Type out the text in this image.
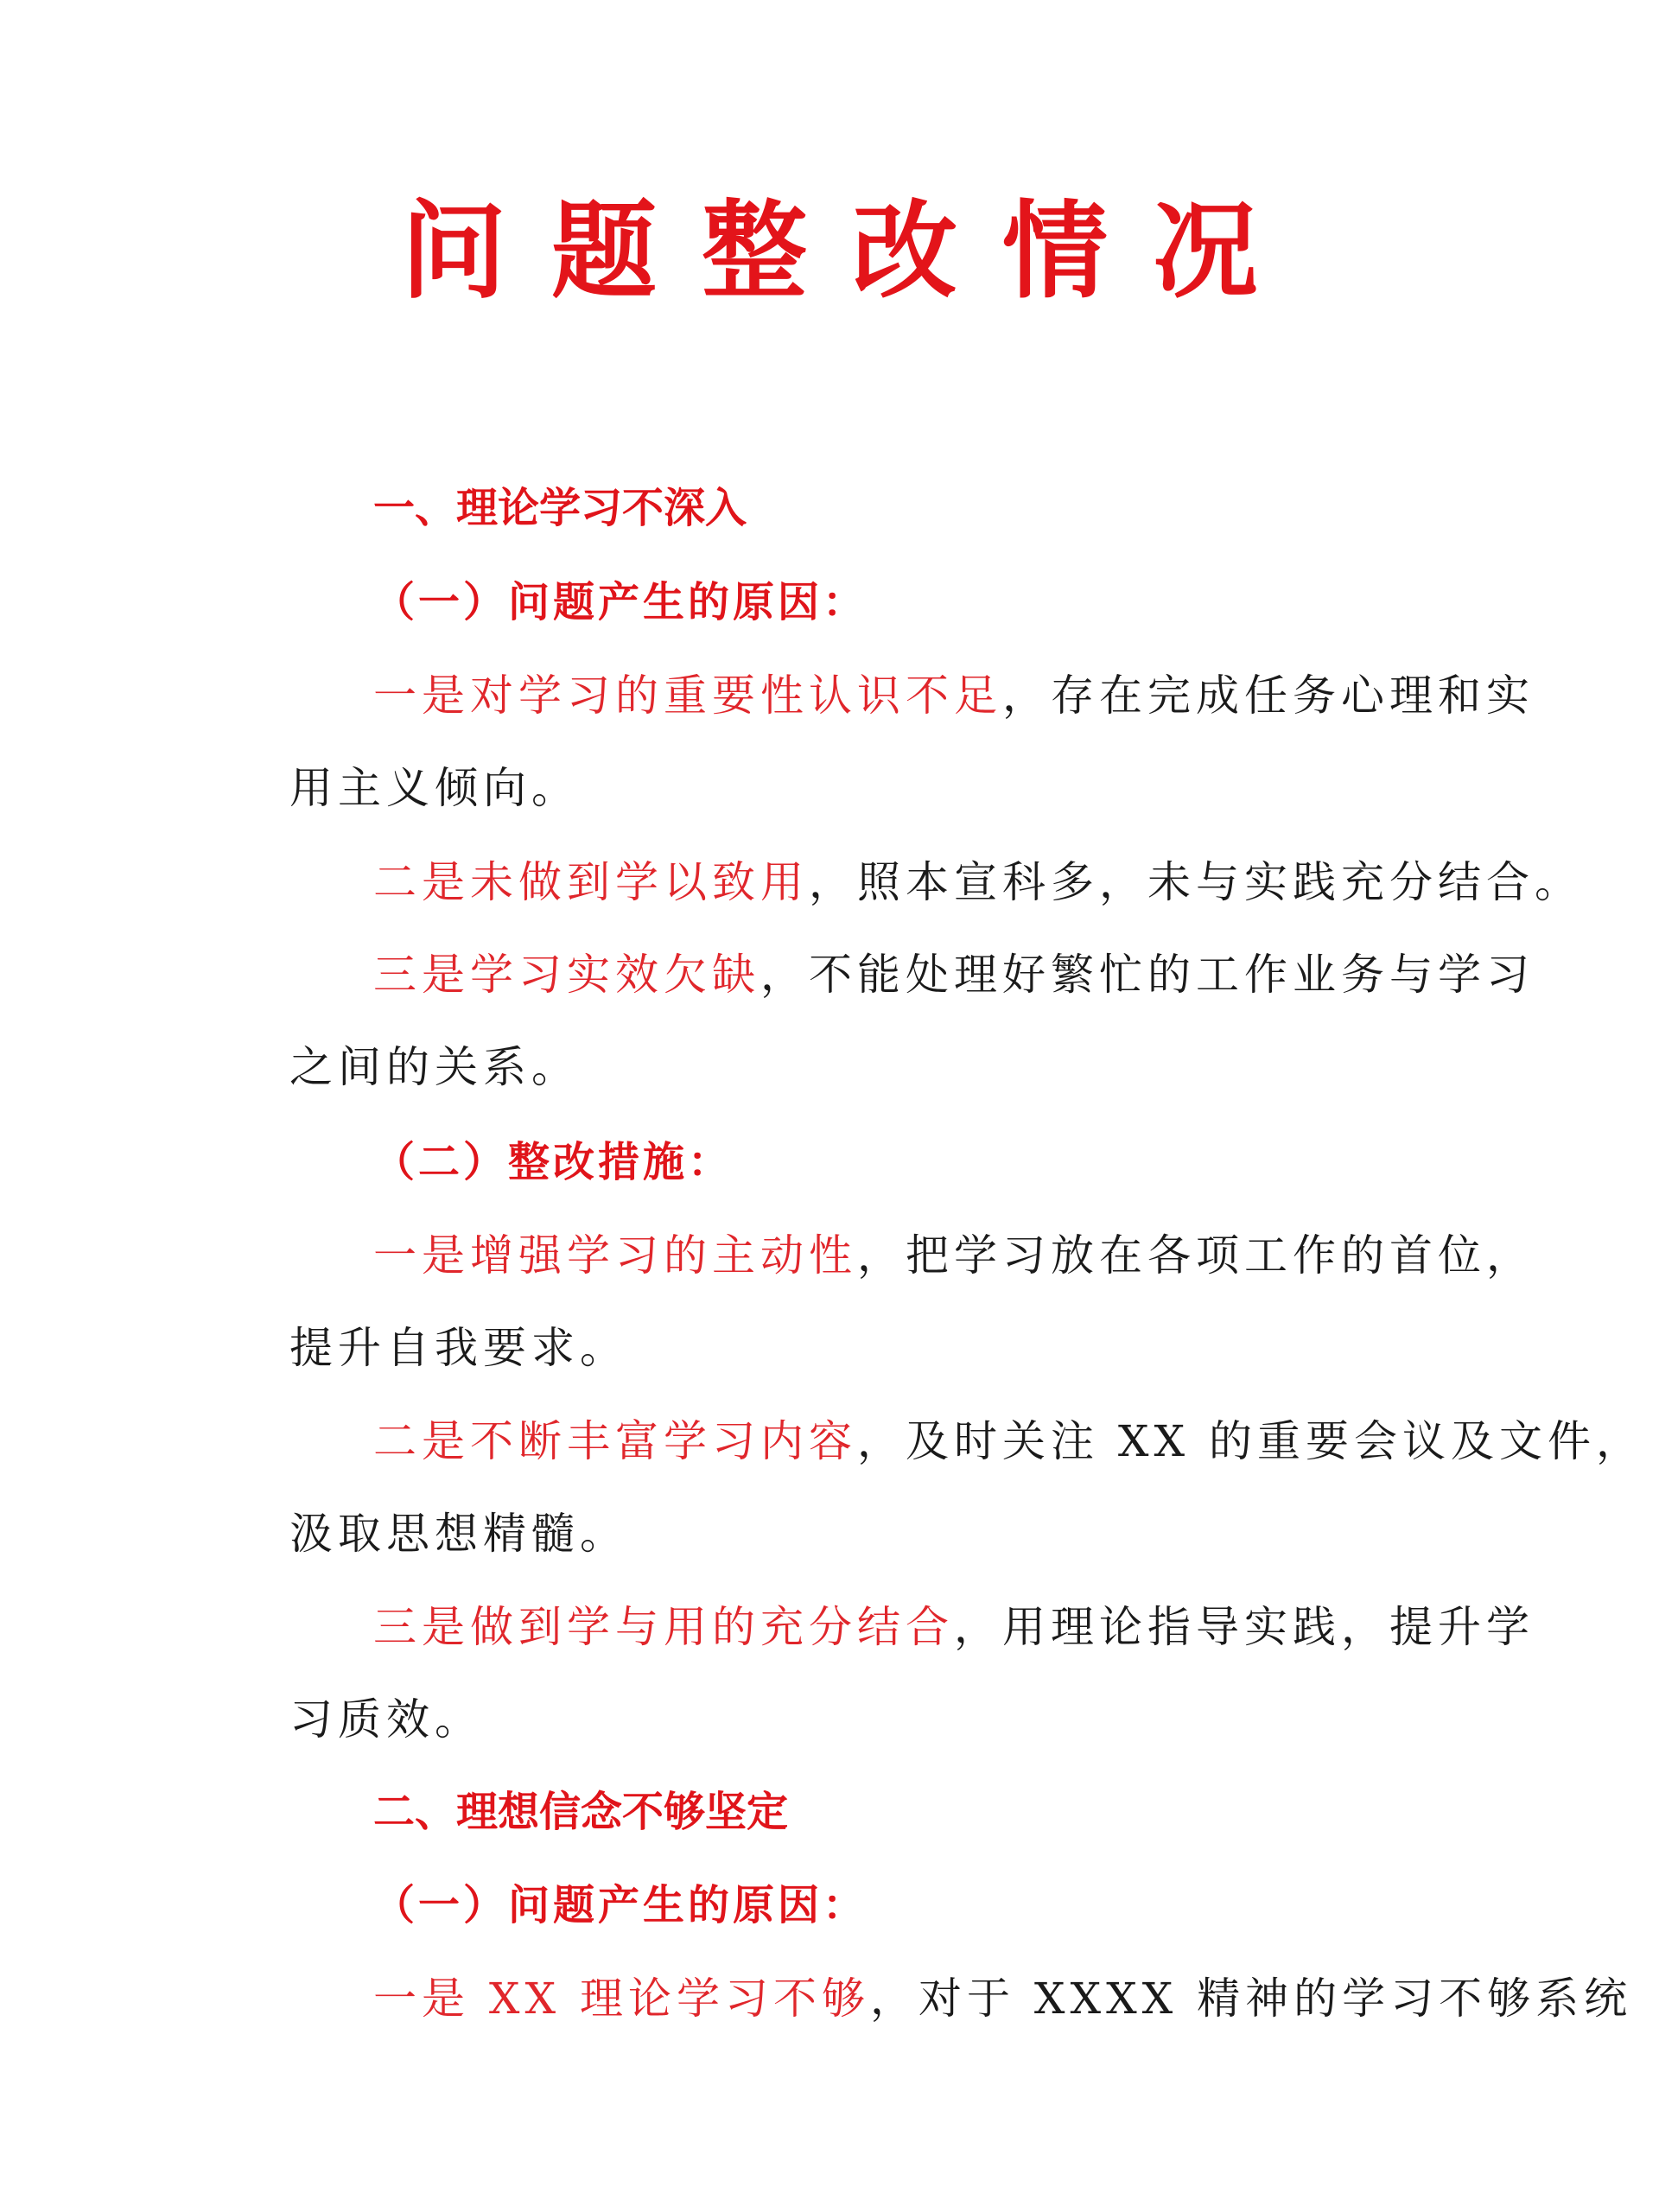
问题整改情况
一、理论学习不深入
（一）问题产生的原因：
一是对学习的重要性认识不足，存在完成任务心理和实
用主义倾向。
二是未做到学以致用，照本宣科多，未与实践充分结合。
三是学习实效欠缺，不能处理好繁忙的工作业务与学习
之间的关系。
（二）整改措施：
一是增强学习的主动性，把学习放在各项工作的首位，
提升自我要求。
二是不断丰富学习内容，及时关注 XX 的重要会议及文件，
汲取思想精髓。
三是做到学与用的充分结合，用理论指导实践，提升学
习质效。
二、理想信念不够坚定
（一）问题产生的原因：
一是 XX 理论学习不够，对于 XXXX 精神的学习不够系统
